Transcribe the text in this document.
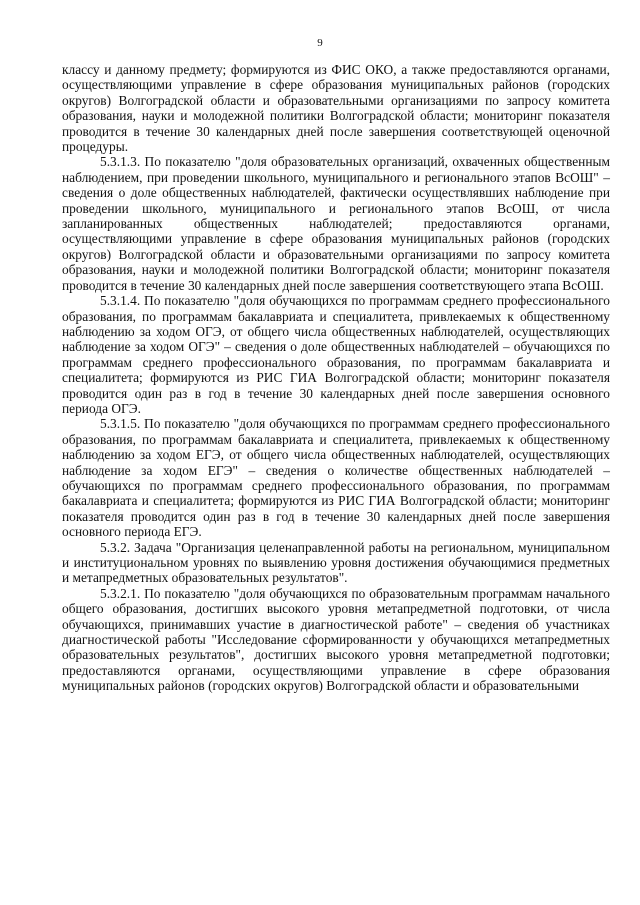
9

классу и данному предмету; формируются из ФИС ОКО, а также предоставляются органами, осуществляющими управление в сфере образования муниципальных районов (городских округов) Волгоградской области и образовательными организациями по запросу комитета образования, науки и молодежной политики Волгоградской области; мониторинг показателя проводится в течение 30 календарных дней после завершения соответствующей оценочной процедуры.

5.3.1.3. По показателю "доля образовательных организаций, охваченных общественным наблюдением, при проведении школьного, муниципального и регионального этапов ВсОШ" – сведения о доле общественных наблюдателей, фактически осуществлявших наблюдение при проведении школьного, муниципального и регионального этапов ВсОШ, от числа запланированных общественных наблюдателей; предоставляются органами, осуществляющими управление в сфере образования муниципальных районов (городских округов) Волгоградской области и образовательными организациями по запросу комитета образования, науки и молодежной политики Волгоградской области; мониторинг показателя проводится в течение 30 календарных дней после завершения соответствующего этапа ВсОШ.

5.3.1.4. По показателю "доля обучающихся по программам среднего профессионального образования, по программам бакалавриата и специалитета, привлекаемых к общественному наблюдению за ходом ОГЭ, от общего числа общественных наблюдателей, осуществляющих наблюдение за ходом ОГЭ" – сведения о доле общественных наблюдателей – обучающихся по программам среднего профессионального образования, по программам бакалавриата и специалитета; формируются из РИС ГИА Волгоградской области; мониторинг показателя проводится один раз в год в течение 30 календарных дней после завершения основного периода ОГЭ.

5.3.1.5. По показателю "доля обучающихся по программам среднего профессионального образования, по программам бакалавриата и специалитета, привлекаемых к общественному наблюдению за ходом ЕГЭ, от общего числа общественных наблюдателей, осуществляющих наблюдение за ходом ЕГЭ" – сведения о количестве общественных наблюдателей – обучающихся по программам среднего профессионального образования, по программам бакалавриата и специалитета; формируются из РИС ГИА Волгоградской области; мониторинг показателя проводится один раз в год в течение 30 календарных дней после завершения основного периода ЕГЭ.

5.3.2. Задача "Организация целенаправленной работы на региональном, муниципальном и институциональном уровнях по выявлению уровня достижения обучающимися предметных и метапредметных образовательных результатов".

5.3.2.1. По показателю "доля обучающихся по образовательным программам начального общего образования, достигших высокого уровня метапредметной подготовки, от числа обучающихся, принимавших участие в диагностической работе" – сведения об участниках диагностической работы "Исследование сформированности у обучающихся метапредметных образовательных результатов", достигших высокого уровня метапредметной подготовки; предоставляются органами, осуществляющими управление в сфере образования муниципальных районов (городских округов) Волгоградской области и образовательными
